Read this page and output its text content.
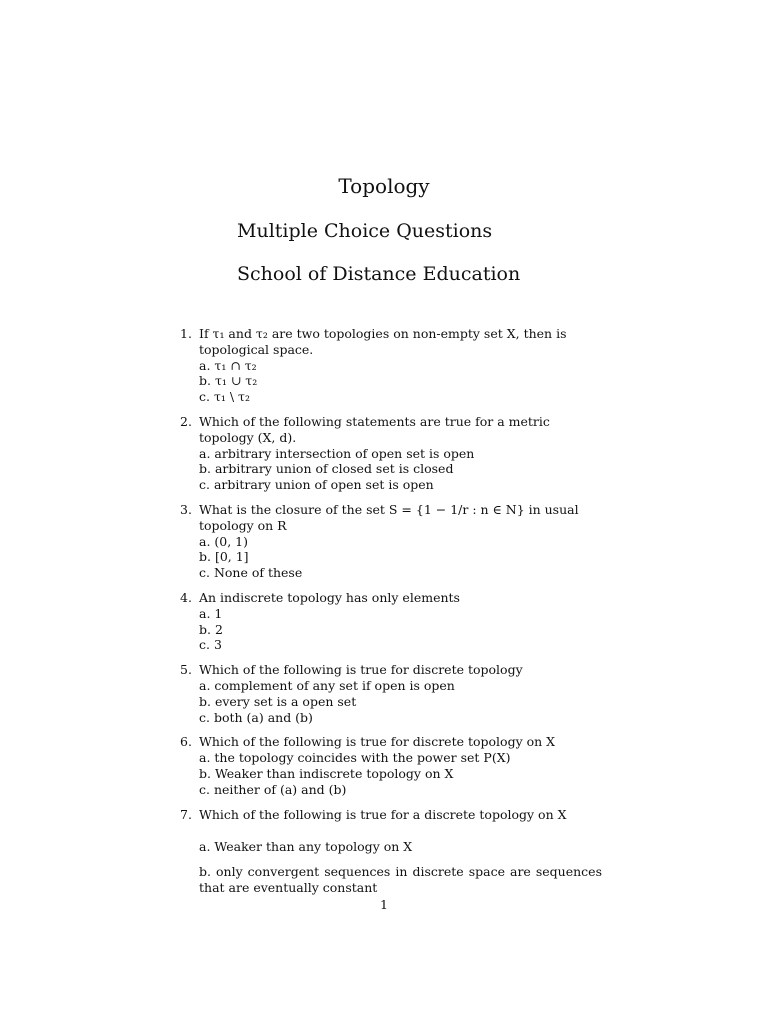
Topology
Multiple Choice Questions
School of Distance Education
1. If τ₁ and τ₂ are two topologies on non-empty set X, then is topological space.
a. τ₁ ∩ τ₂
b. τ₁ ∪ τ₂
c. τ₁ \ τ₂
2. Which of the following statements are true for a metric topology (X, d).
a. arbitrary intersection of open set is open
b. arbitrary union of closed set is closed
c. arbitrary union of open set is open
3. What is the closure of the set S = {1 − 1/r : n ∈ N} in usual topology on R
a. (0, 1)
b. [0, 1]
c. None of these
4. An indiscrete topology has only elements
a. 1
b. 2
c. 3
5. Which of the following is true for discrete topology
a. complement of any set if open is open
b. every set is a open set
c. both (a) and (b)
6. Which of the following is true for discrete topology on X
a. the topology coincides with the power set P(X)
b. Weaker than indiscrete topology on X
c. neither of (a) and (b)
7. Which of the following is true for a discrete topology on X
a. Weaker than any topology on X
b. only convergent sequences in discrete space are sequences that are eventually constant
1
